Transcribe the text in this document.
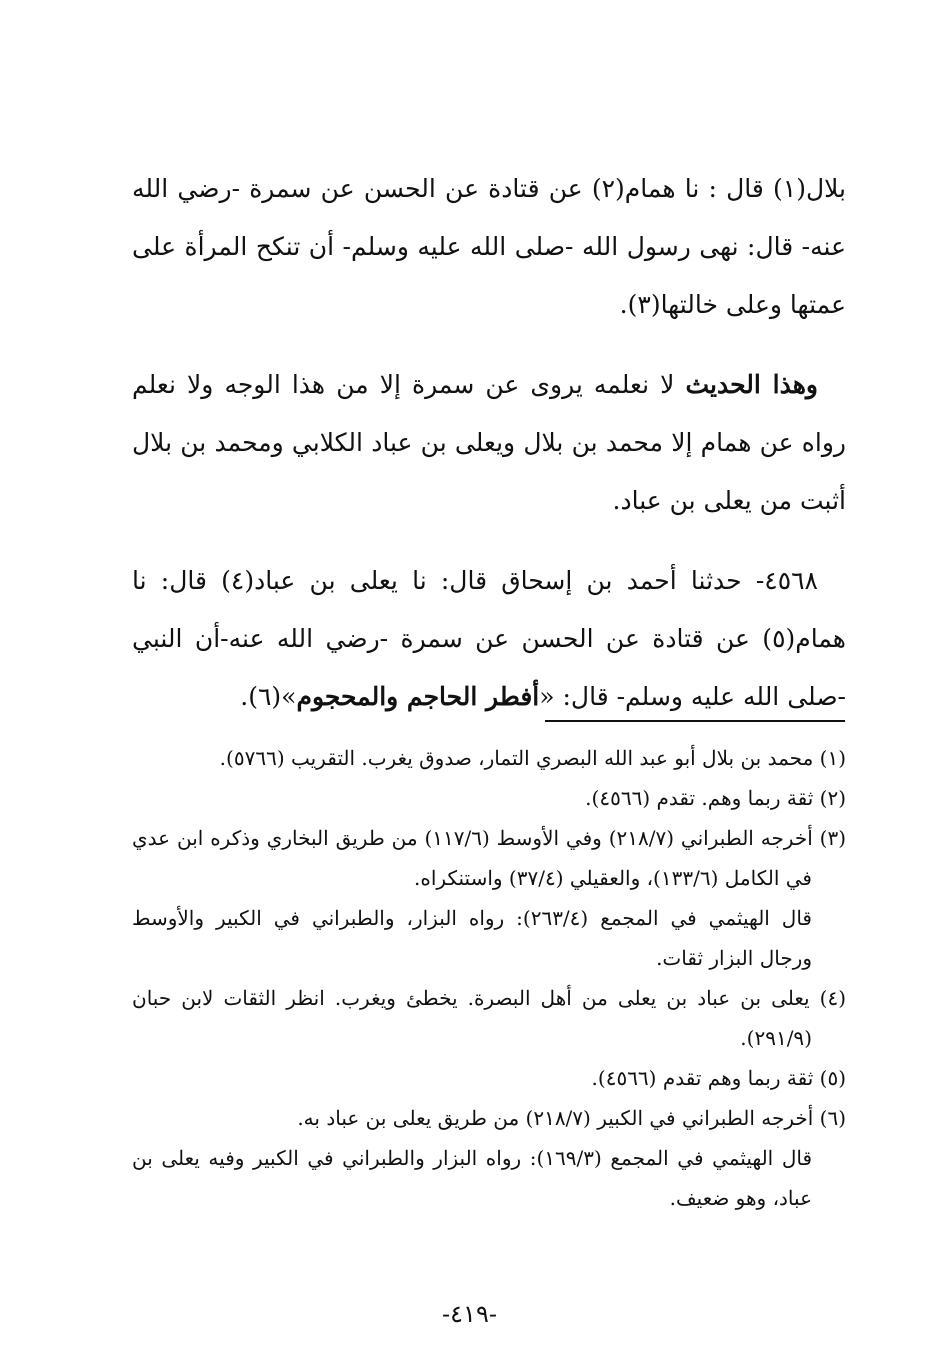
بلال(١) قال : نا همام(٢) عن قتادة عن الحسن عن سمرة -رضي الله عنه- قال: نهى رسول الله -صلى الله عليه وسلم- أن تنكح المرأة على عمتها وعلى خالتها(٣).

وهذا الحديث لا نعلمه يروى عن سمرة إلا من هذا الوجه ولا نعلم رواه عن همام إلا محمد بن بلال ويعلى بن عباد الكلابي ومحمد بن بلال أثبت من يعلى بن عباد.

٤٥٦٨- حدثنا أحمد بن إسحاق قال: نا يعلى بن عباد(٤) قال: نا همام(٥) عن قتادة عن الحسن عن سمرة -رضي الله عنه-أن النبي -صلى الله عليه وسلم- قال: «أفطر الحاجم والمحجوم»(٦).

(١) محمد بن بلال أبو عبد الله البصري التمار، صدوق يغرب. التقريب (٥٧٦٦).

(٢) ثقة ربما وهم. تقدم (٤٥٦٦).

(٣) أخرجه الطبراني (٢١٨/٧) وفي الأوسط (١١٧/٦) من طريق البخاري وذكره ابن عدي في الكامل (١٣٣/٦)، والعقيلي (٣٧/٤) واستنكراه.

قال الهيثمي في المجمع (٢٦٣/٤): رواه البزار، والطبراني في الكبير والأوسط ورجال البزار ثقات.

(٤) يعلى بن عباد بن يعلى من أهل البصرة. يخطئ ويغرب. انظر الثقات لابن حبان (٢٩١/٩).

(٥) ثقة ربما وهم تقدم (٤٥٦٦).

(٦) أخرجه الطبراني في الكبير (٢١٨/٧) من طريق يعلى بن عباد به.

قال الهيثمي في المجمع (١٦٩/٣): رواه البزار والطبراني في الكبير وفيه يعلى بن عباد، وهو ضعيف.

-٤١٩-
